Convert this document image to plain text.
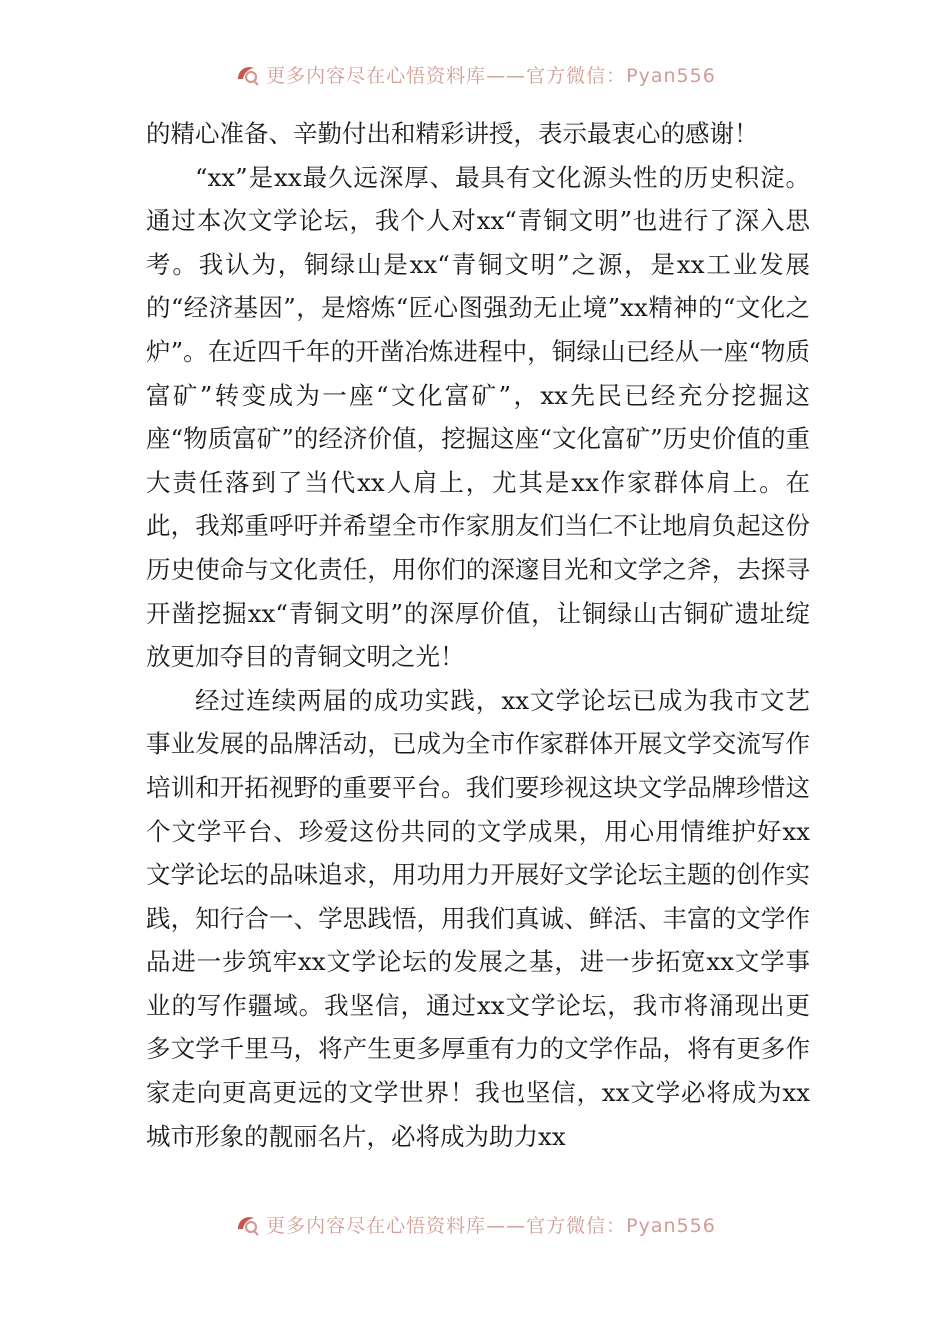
更多内容尽在心悟资料库——官方微信：Pyan556

的精心准备、辛勤付出和精彩讲授，表示最衷心的感谢！

“xx”是xx最久远深厚、最具有文化源头性的历史积淀。通过本次文学论坛，我个人对xx“青铜文明”也进行了深入思考。我认为，铜绿山是xx“青铜文明”之源，是xx工业发展的“经济基因”，是熔炼“匠心图强劲无止境”xx精神的“文化之炉”。在近四千年的开凿冶炼进程中，铜绿山已经从一座“物质富矿”转变成为一座“文化富矿”，xx先民已经充分挖掘这座“物质富矿”的经济价值，挖掘这座“文化富矿”历史价值的重大责任落到了当代xx人肩上，尤其是xx作家群体肩上。在此，我郑重呼吁并希望全市作家朋友们当仁不让地肩负起这份历史使命与文化责任，用你们的深邃目光和文学之斧，去探寻开凿挖掘xx“青铜文明”的深厚价值，让铜绿山古铜矿遗址绽放更加夺目的青铜文明之光！

经过连续两届的成功实践，xx文学论坛已成为我市文艺事业发展的品牌活动，已成为全市作家群体开展文学交流写作培训和开拓视野的重要平台。我们要珍视这块文学品牌珍惜这个文学平台、珍爱这份共同的文学成果，用心用情维护好xx文学论坛的品味追求，用功用力开展好文学论坛主题的创作实践，知行合一、学思践悟，用我们真诚、鲜活、丰富的文学作品进一步筑牢xx文学论坛的发展之基，进一步拓宽xx文学事业的写作疆域。我坚信，通过xx文学论坛，我市将涌现出更多文学千里马，将产生更多厚重有力的文学作品，将有更多作家走向更高更远的文学世界！我也坚信，xx文学必将成为xx城市形象的靓丽名片，必将成为助力xx

更多内容尽在心悟资料库——官方微信：Pyan556
